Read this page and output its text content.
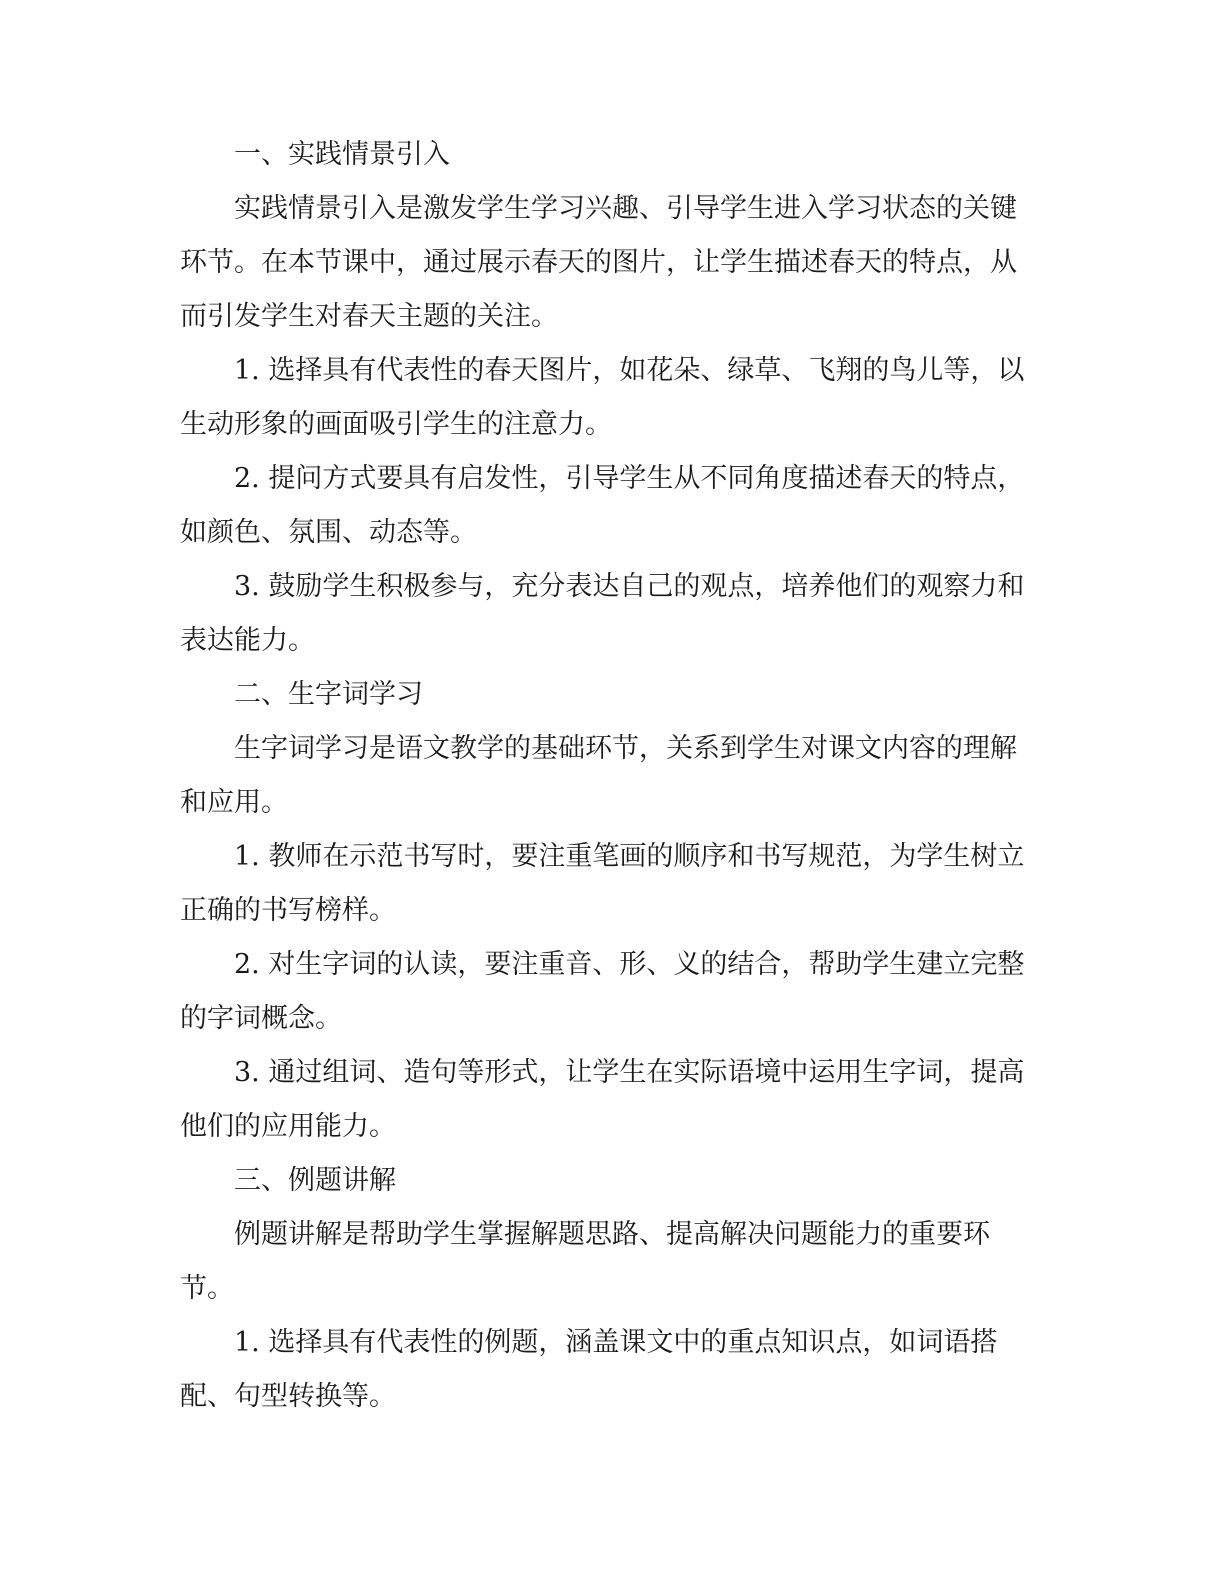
一、实践情景引入

实践情景引入是激发学生学习兴趣、引导学生进入学习状态的关键环节。在本节课中，通过展示春天的图片，让学生描述春天的特点，从而引发学生对春天主题的关注。

1. 选择具有代表性的春天图片，如花朵、绿草、飞翔的鸟儿等，以生动形象的画面吸引学生的注意力。

2. 提问方式要具有启发性，引导学生从不同角度描述春天的特点，如颜色、氛围、动态等。

3. 鼓励学生积极参与，充分表达自己的观点，培养他们的观察力和表达能力。

二、生字词学习

生字词学习是语文教学的基础环节，关系到学生对课文内容的理解和应用。

1. 教师在示范书写时，要注重笔画的顺序和书写规范，为学生树立正确的书写榜样。

2. 对生字词的认读，要注重音、形、义的结合，帮助学生建立完整的字词概念。

3. 通过组词、造句等形式，让学生在实际语境中运用生字词，提高他们的应用能力。

三、例题讲解

例题讲解是帮助学生掌握解题思路、提高解决问题能力的重要环节。

1. 选择具有代表性的例题，涵盖课文中的重点知识点，如词语搭配、句型转换等。
